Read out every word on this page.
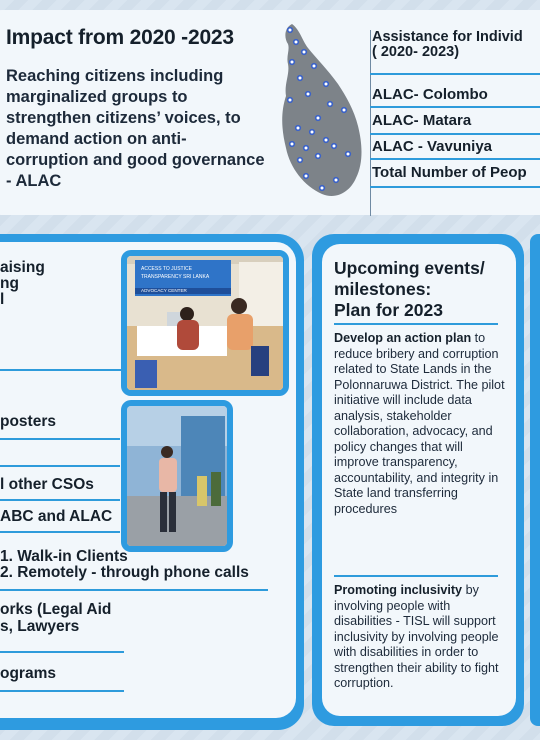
Impact from 2020 -2023

Reaching citizens including marginalized groups to strengthen citizens’ voices, to demand action on anti-corruption and good governance - ALAC

Assistance for Individ
( 2020- 2023)
ALAC- Colombo
ALAC- Matara
ALAC - Vavuniya
Total Number of Peop
aising
ng
l
posters
l other CSOs
ABC and ALAC
1. Walk-in Clients
2. Remotely - through phone calls
orks (Legal Aid
s, Lawyers
ograms
ACCESS TO JUSTICE
TRANSPARENCY SRI LANKA
ADVOCACY CENTER
Upcoming events/
milestones:
Plan for 2023

Develop an action plan to reduce bribery and corruption related to State Lands in the Polonnaruwa District. The pilot initiative will include data analysis, stakeholder collaboration, advocacy, and policy changes that will improve transparency, accountability, and integrity in State land transferring procedures

Promoting inclusivity by involving people with disabilities - TISL will support inclusivity by involving people with disabilities in order to strengthen their ability to fight corruption.
